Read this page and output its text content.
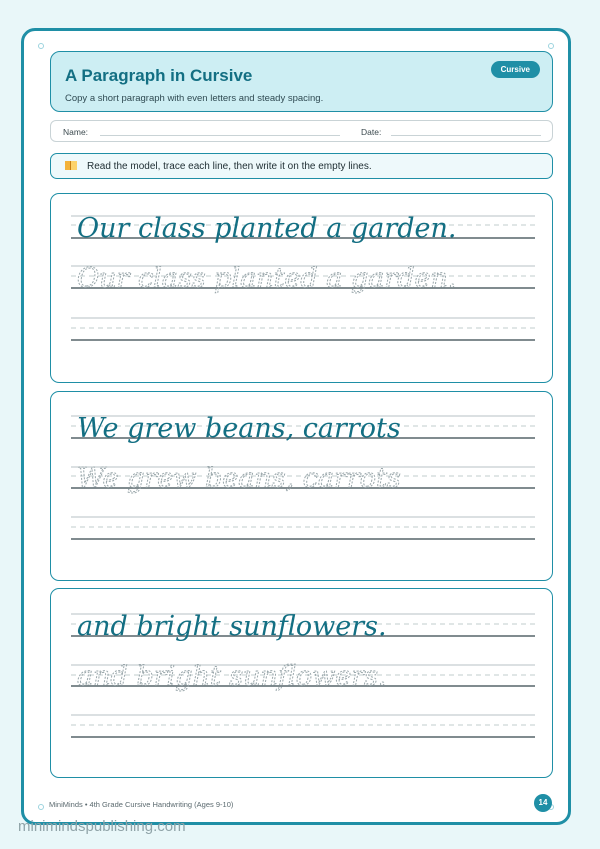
A Paragraph in Cursive
Copy a short paragraph with even letters and steady spacing.
Cursive
Name:	Date:
Read the model, trace each line, then write it on the empty lines.
Our class planted a garden.
Our class planted a garden.
We grew beans, carrots
We grew beans, carrots
and bright sunflowers.
and bright sunflowers.
MiniMinds • 4th Grade Cursive Handwriting (Ages 9-10)	14
minimindspublishing.com
